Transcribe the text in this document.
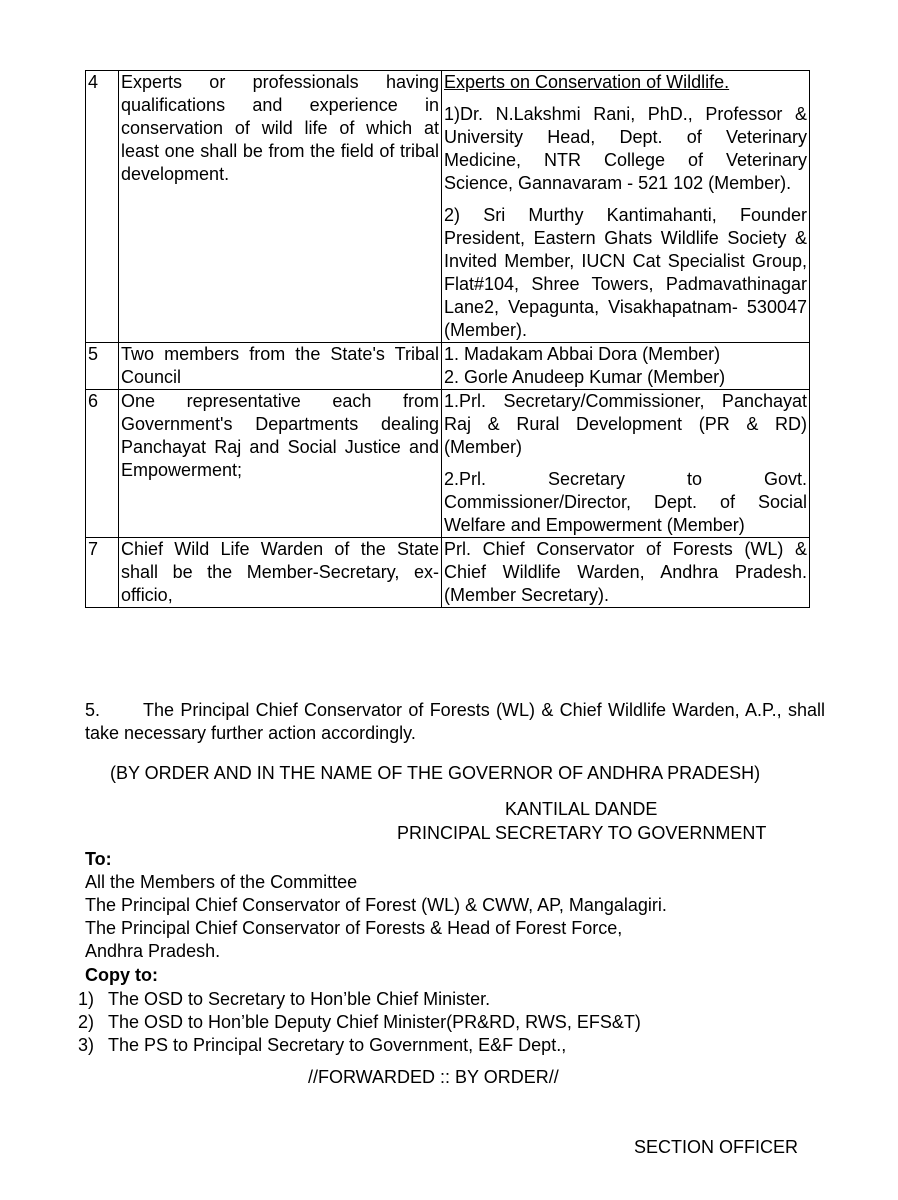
4	Experts or professionals having qualifications and experience in conservation of wild life of which at least one shall be from the field of tribal development.	Experts on Conservation of Wildlife.
1)Dr. N.Lakshmi Rani, PhD., Professor & University Head, Dept. of Veterinary Medicine, NTR College of Veterinary Science, Gannavaram - 521 102 (Member).
2) Sri Murthy Kantimahanti, Founder President, Eastern Ghats Wildlife Society & Invited Member, IUCN Cat Specialist Group, Flat#104, Shree Towers, Padmavathinagar Lane2, Vepagunta, Visakhapatnam- 530047 (Member).

5	Two members from the State's Tribal Council	1. Madakam Abbai Dora (Member)
2. Gorle Anudeep Kumar (Member)

6	One representative each from Government's Departments dealing Panchayat Raj and Social Justice and Empowerment;	1.Prl. Secretary/Commissioner, Panchayat Raj & Rural Development (PR & RD) (Member)
2.Prl. Secretary to Govt. Commissioner/Director, Dept. of Social Welfare and Empowerment (Member)

7	Chief Wild Life Warden of the State shall be the Member-Secretary, ex-officio,	Prl. Chief Conservator of Forests (WL) & Chief Wildlife Warden, Andhra Pradesh. (Member Secretary).
5. The Principal Chief Conservator of Forests (WL) & Chief Wildlife Warden, A.P., shall take necessary further action accordingly.
(BY ORDER AND IN THE NAME OF THE GOVERNOR OF ANDHRA PRADESH)
KANTILAL DANDE
PRINCIPAL SECRETARY TO GOVERNMENT
To:
All the Members of the Committee
The Principal Chief Conservator of Forest (WL) & CWW, AP, Mangalagiri.
The Principal Chief Conservator of Forests & Head of Forest Force,
Andhra Pradesh.
Copy to:
1) The OSD to Secretary to Hon’ble Chief Minister.
2) The OSD to Hon’ble Deputy Chief Minister(PR&RD, RWS, EFS&T)
3) The PS to Principal Secretary to Government, E&F Dept.,
//FORWARDED :: BY ORDER//
SECTION OFFICER
